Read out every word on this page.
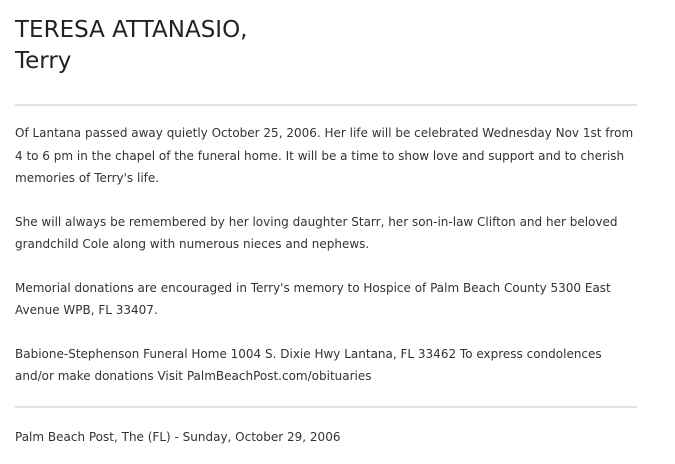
TERESA ATTANASIO,
Terry

Of Lantana passed away quietly October 25, 2006. Her life will be celebrated Wednesday Nov 1st from 4 to 6 pm in the chapel of the funeral home. It will be a time to show love and support and to cherish memories of Terry's life.

She will always be remembered by her loving daughter Starr, her son-in-law Clifton and her beloved grandchild Cole along with numerous nieces and nephews.

Memorial donations are encouraged in Terry's memory to Hospice of Palm Beach County 5300 East Avenue WPB, FL 33407.

Babione-Stephenson Funeral Home 1004 S. Dixie Hwy Lantana, FL 33462 To express condolences and/or make donations Visit PalmBeachPost.com/obituaries

Palm Beach Post, The (FL) - Sunday, October 29, 2006
